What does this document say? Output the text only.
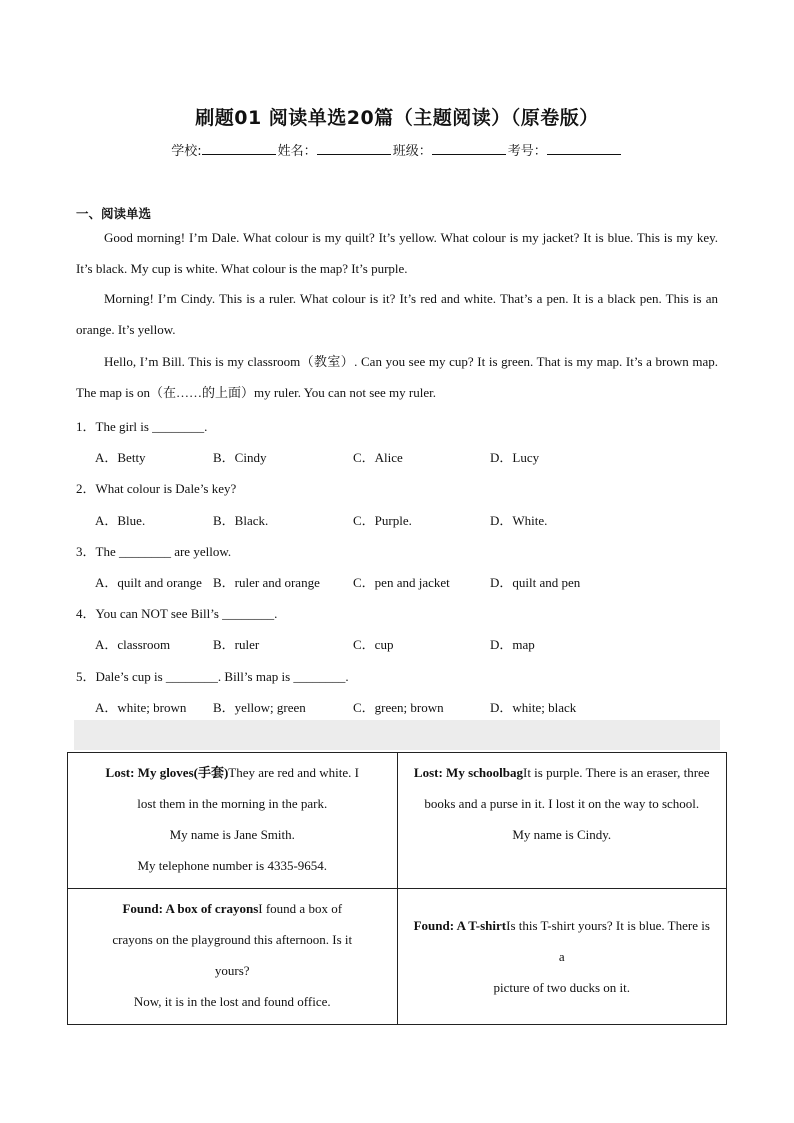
刷题01 阅读单选20篇（主题阅读）（原卷版）
学校:	姓名：	班级：	考号：
一、阅读单选
Good morning! I’m Dale. What colour is my quilt? It’s yellow. What colour is my jacket? It is blue. This is my key. It’s black. My cup is white. What colour is the map? It’s purple.
Morning! I’m Cindy. This is a ruler. What colour is it? It’s red and white. That’s a pen. It is a black pen. This is an orange. It’s yellow.
Hello, I’m Bill. This is my classroom（教室）. Can you see my cup? It is green. That is my map. It’s a brown map. The map is on（在……的上面）my ruler. You can not see my ruler.
1．The girl is ________.
A．Betty	B．Cindy	C．Alice	D．Lucy
2．What colour is Dale’s key?
A．Blue.	B．Black.	C．Purple.	D．White.
3．The ________ are yellow.
A．quilt and orange B．ruler and orange	C．pen and jacket	D．quilt and pen
4．You can NOT see Bill’s ________.
A．classroom	B．ruler	C．cup	D．map
5．Dale’s cup is ________. Bill’s map is ________.
A．white; brown B．yellow; green	C．green; brown	D．white; black
Lost: My gloves(手套)They are red and white. I
lost them in the morning in the park.
My name is Jane Smith.
My telephone number is 4335-9654.	Lost: My schoolbagIt is purple. There is an eraser, three
books and a purse in it. I lost it on the way to school.
My name is Cindy.
Found: A box of crayonsI found a box of
crayons on the playground this afternoon. Is it
yours?
Now, it is in the lost and found office.	Found: A T-shirtIs this T-shirt yours? It is blue. There is a
picture of two ducks on it.
